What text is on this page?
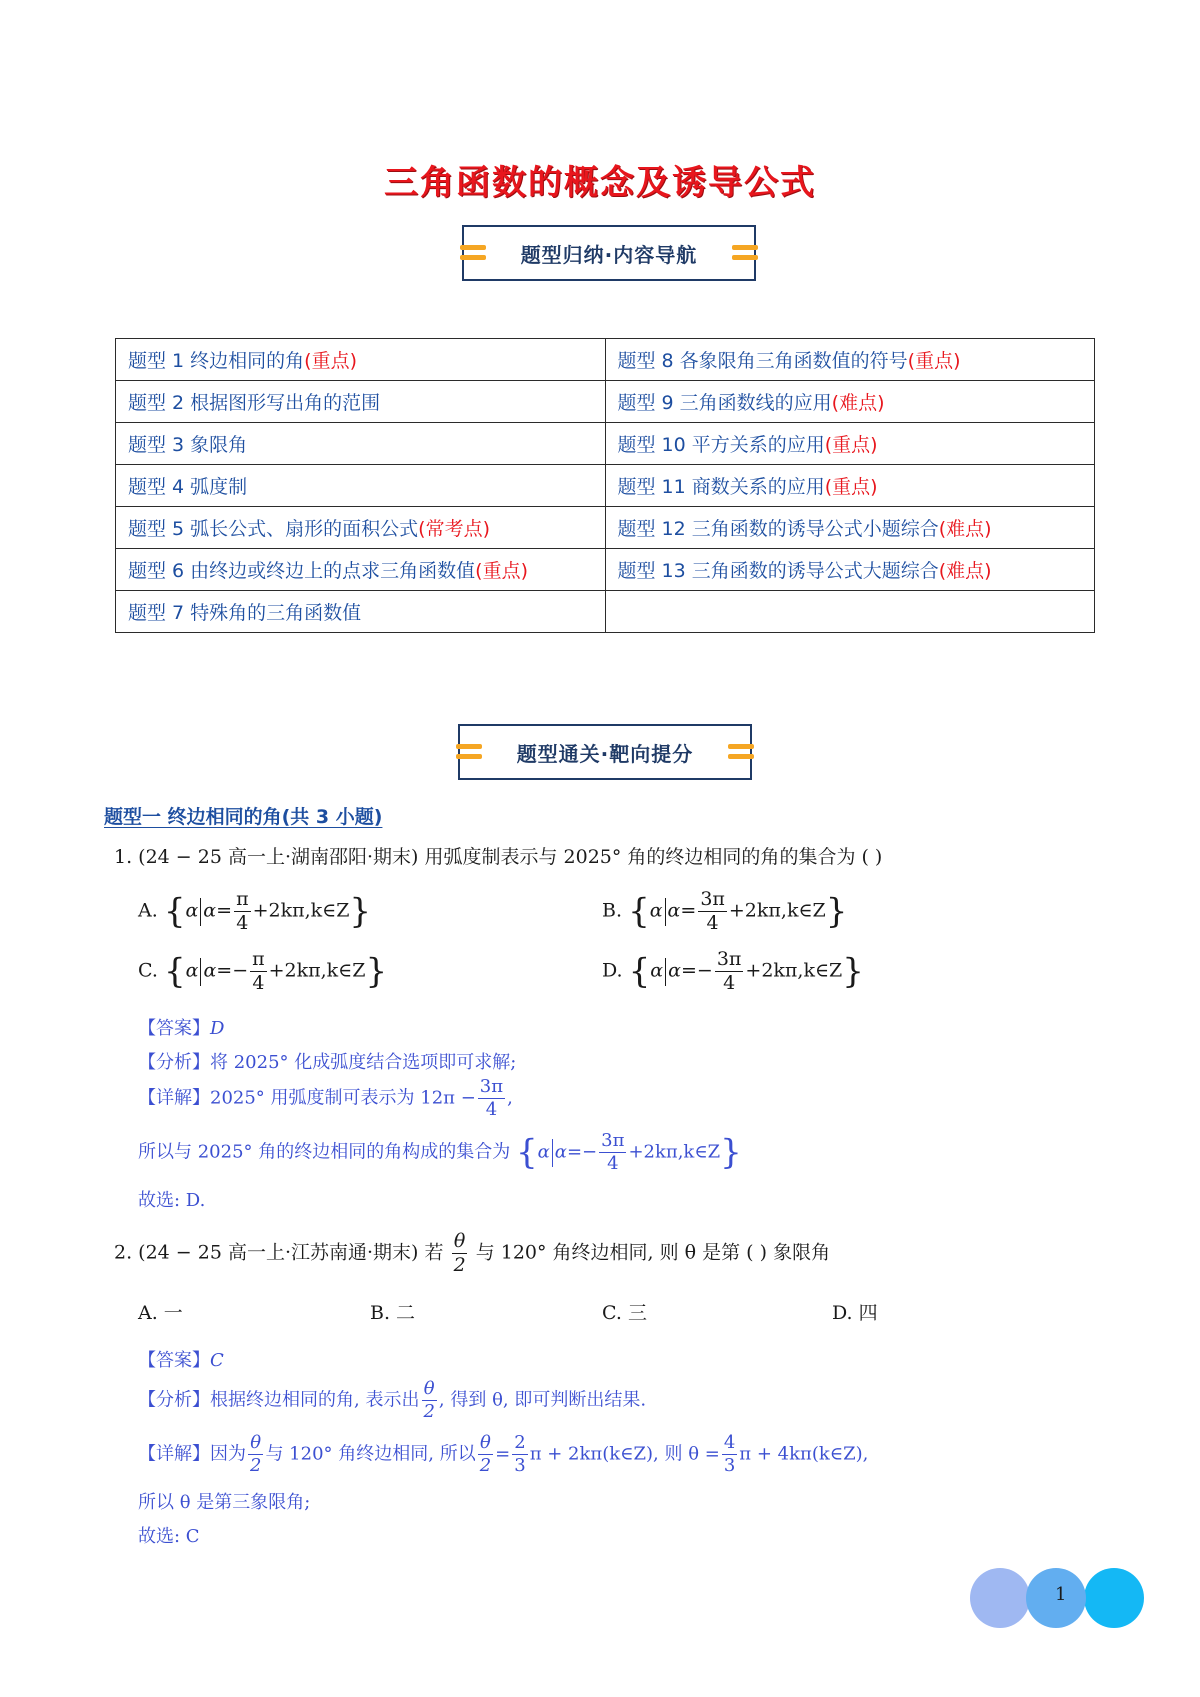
三角函数的概念及诱导公式
题型归纳·内容导航
题型 1 终边相同的角(重点)	题型 8 各象限角三角函数值的符号(重点)
题型 2 根据图形写出角的范围	题型 9 三角函数线的应用(难点)
题型 3 象限角	题型 10 平方关系的应用(重点)
题型 4 弧度制	题型 11 商数关系的应用(重点)
题型 5 弧长公式、扇形的面积公式(常考点)	题型 12 三角函数的诱导公式小题综合(难点)
题型 6 由终边或终边上的点求三角函数值(重点)	题型 13 三角函数的诱导公式大题综合(难点)
题型 7 特殊角的三角函数值	
题型通关·靶向提分
题型一 终边相同的角(共 3 小题)
1. (24 − 25 高一上·湖南邵阳·期末) 用弧度制表示与 2025° 角的终边相同的角的集合为 ( )
A. {α $\alpha= \frac{\pi}{4}$ +2kπ,k∈Z}	B. {α $\alpha= \frac{3\pi}{4}$ +2kπ,k∈Z}
C. {α $\alpha=- \frac{\pi}{4}$ +2kπ,k∈Z}	D. {α $\alpha=- \frac{3\pi}{4}$ +2kπ,k∈Z}
【答案】D
【分析】将 2025° 化成弧度结合选项即可求解;
【详解】2025° 用弧度制可表示为 $12\pi - \frac{3\pi}{4}$ ,
所以与 2025° 角的终边相同的角构成的集合为 {α $\alpha=- \frac{3\pi}{4}$ +2kπ,k∈Z}
故选: D.
2. (24 − 25 高一上·江苏南通·期末) 若 $\frac{\theta}{2}$ 与 120° 角终边相同, 则 θ 是第 ( ) 象限角
A. 一	B. 二	C. 三	D. 四
【答案】C
【分析】根据终边相同的角, 表示出 $\frac{\theta}{2}$ , 得到 θ, 即可判断出结果.
【详解】因为 $\frac{\theta}{2}$ 与 120° 角终边相同, 所以 $\frac{\theta}{2} = \frac{2}{3}$ π + 2kπ(k∈Z), 则 $\theta = \frac{4}{3}$ π + 4kπ(k∈Z),
所以 θ 是第三象限角;
故选: C
1
